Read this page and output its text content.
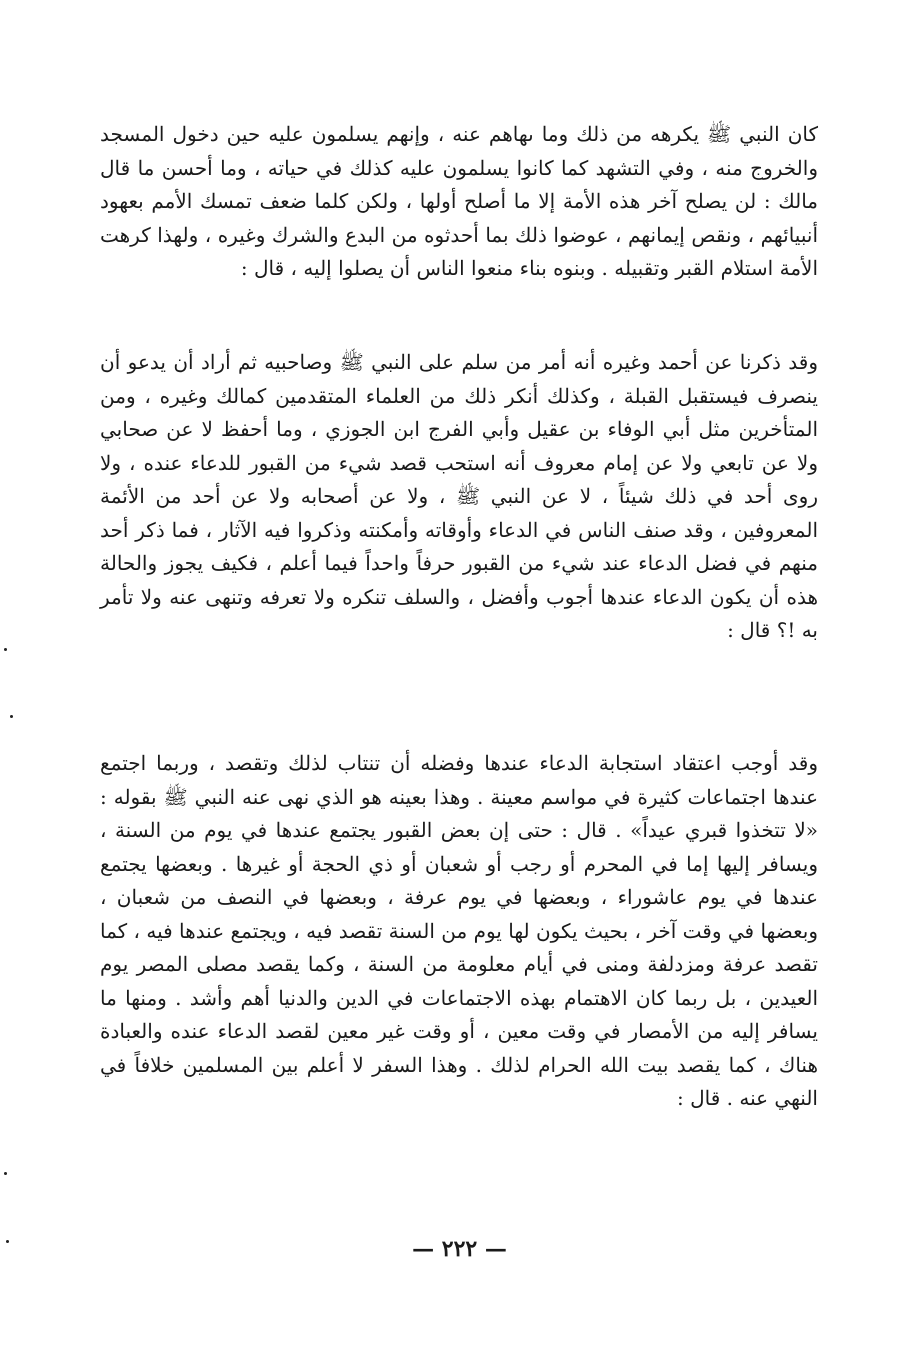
كان النبي ﷺ يكرهه من ذلك وما ىهاهم عنه ، وإنهم يسلمون عليه حين دخول المسجد والخروج منه ، وفي التشهد كما كانوا يسلمون عليه كذلك في حياته ، وما أحسن ما قال مالك : لن يصلح آخر هذه الأمة إلا ما أصلح أولها ، ولكن كلما ضعف تمسك الأمم بعهود أنبيائهم ، ونقص إيمانهم ، عوضوا ذلك بما أحدثوه من البدع والشرك وغيره ، ولهذا كرهت الأمة استلام القبر وتقبيله . وبنوه بناء منعوا الناس أن يصلوا إليه ، قال :

وقد ذكرنا عن أحمد وغيره أنه أمر من سلم على النبي ﷺ وصاحبيه ثم أراد أن يدعو أن ينصرف فيستقبل القبلة ، وكذلك أنكر ذلك من العلماء المتقدمين كمالك وغيره ، ومن المتأخرين مثل أبي الوفاء بن عقيل وأبي الفرج ابن الجوزي ، وما أحفظ لا عن صحابي ولا عن تابعي ولا عن إمام معروف أنه استحب قصد شيء من القبور للدعاء عنده ، ولا روى أحد في ذلك شيئاً ، لا عن النبي ﷺ ، ولا عن أصحابه ولا عن أحد من الأئمة المعروفين ، وقد صنف الناس في الدعاء وأوقاته وأمكنته وذكروا فيه الآثار ، فما ذكر أحد منهم في فضل الدعاء عند شيء من القبور حرفاً واحداً فيما أعلم ، فكيف يجوز والحالة هذه أن يكون الدعاء عندها أجوب وأفضل ، والسلف تنكره ولا تعرفه وتنهى عنه ولا تأمر به !؟ قال :

وقد أوجب اعتقاد استجابة الدعاء عندها وفضله أن تنتاب لذلك وتقصد ، وربما اجتمع عندها اجتماعات كثيرة في مواسم معينة . وهذا بعينه هو الذي نهى عنه النبي ﷺ بقوله : «لا تتخذوا قبري عيداً» . قال : حتى إن بعض القبور يجتمع عندها في يوم من السنة ، ويسافر إليها إما في المحرم أو رجب أو شعبان أو ذي الحجة أو غيرها . وبعضها يجتمع عندها في يوم عاشوراء ، وبعضها في يوم عرفة ، وبعضها في النصف من شعبان ، وبعضها في وقت آخر ، بحيث يكون لها يوم من السنة تقصد فيه ، ويجتمع عندها فيه ، كما تقصد عرفة ومزدلفة ومنى في أيام معلومة من السنة ، وكما يقصد مصلى المصر يوم العيدين ، بل ربما كان الاهتمام بهذه الاجتماعات في الدين والدنيا أهم وأشد . ومنها ما يسافر إليه من الأمصار في وقت معين ، أو وقت غير معين لقصد الدعاء عنده والعبادة هناك ، كما يقصد بيت الله الحرام لذلك . وهذا السفر لا أعلم بين المسلمين خلافاً في النهي عنه . قال :

— ٢٢٢ —
